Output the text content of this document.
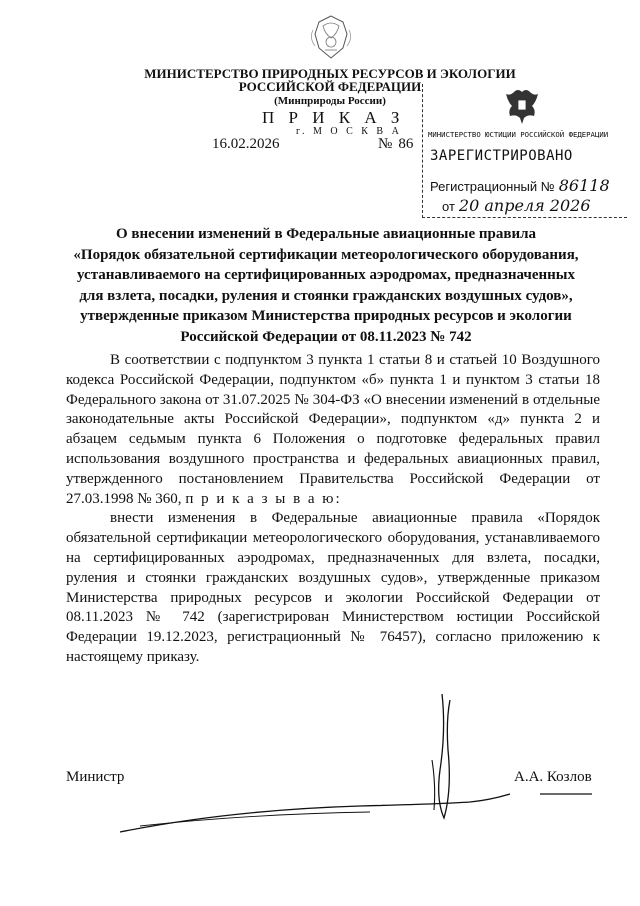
МИНИСТЕРСТВО ПРИРОДНЫХ РЕСУРСОВ И ЭКОЛОГИИ
РОССИЙСКОЙ ФЕДЕРАЦИИ
(Минприроды России)
П Р И К А З
16.02.2026
г. М О С К В А
№ 86
МИНИСТЕРСТВО ЮСТИЦИИ РОССИЙСКОЙ ФЕДЕРАЦИИ
ЗАРЕГИСТРИРОВАНО
Регистрационный № 86118
от 20 апреля 2026
О внесении изменений в Федеральные авиационные правила
«Порядок обязательной сертификации метеорологического оборудования,
устанавливаемого на сертифицированных аэродромах, предназначенных
для взлета, посадки, руления и стоянки гражданских воздушных судов»,
утвержденные приказом Министерства природных ресурсов и экологии
Российской Федерации от 08.11.2023 № 742

В соответствии с подпунктом 3 пункта 1 статьи 8 и статьей 10 Воздушного кодекса Российской Федерации, подпунктом «б» пункта 1 и пунктом 3 статьи 18 Федерального закона от 31.07.2025 № 304-ФЗ «О внесении изменений в отдельные законодательные акты Российской Федерации», подпунктом «д» пункта 2 и абзацем седьмым пункта 6 Положения о подготовке федеральных правил использования воздушного пространства и федеральных авиационных правил, утвержденного постановлением Правительства Российской Федерации от 27.03.1998 № 360, п р и к а з ы в а ю:

внести изменения в Федеральные авиационные правила «Порядок обязательной сертификации метеорологического оборудования, устанавливаемого на сертифицированных аэродромах, предназначенных для взлета, посадки, руления и стоянки гражданских воздушных судов», утвержденные приказом Министерства природных ресурсов и экологии Российской Федерации от 08.11.2023 № 742 (зарегистрирован Министерством юстиции Российской Федерации 19.12.2023, регистрационный № 76457), согласно приложению к настоящему приказу.

Министр	А.А. Козлов
